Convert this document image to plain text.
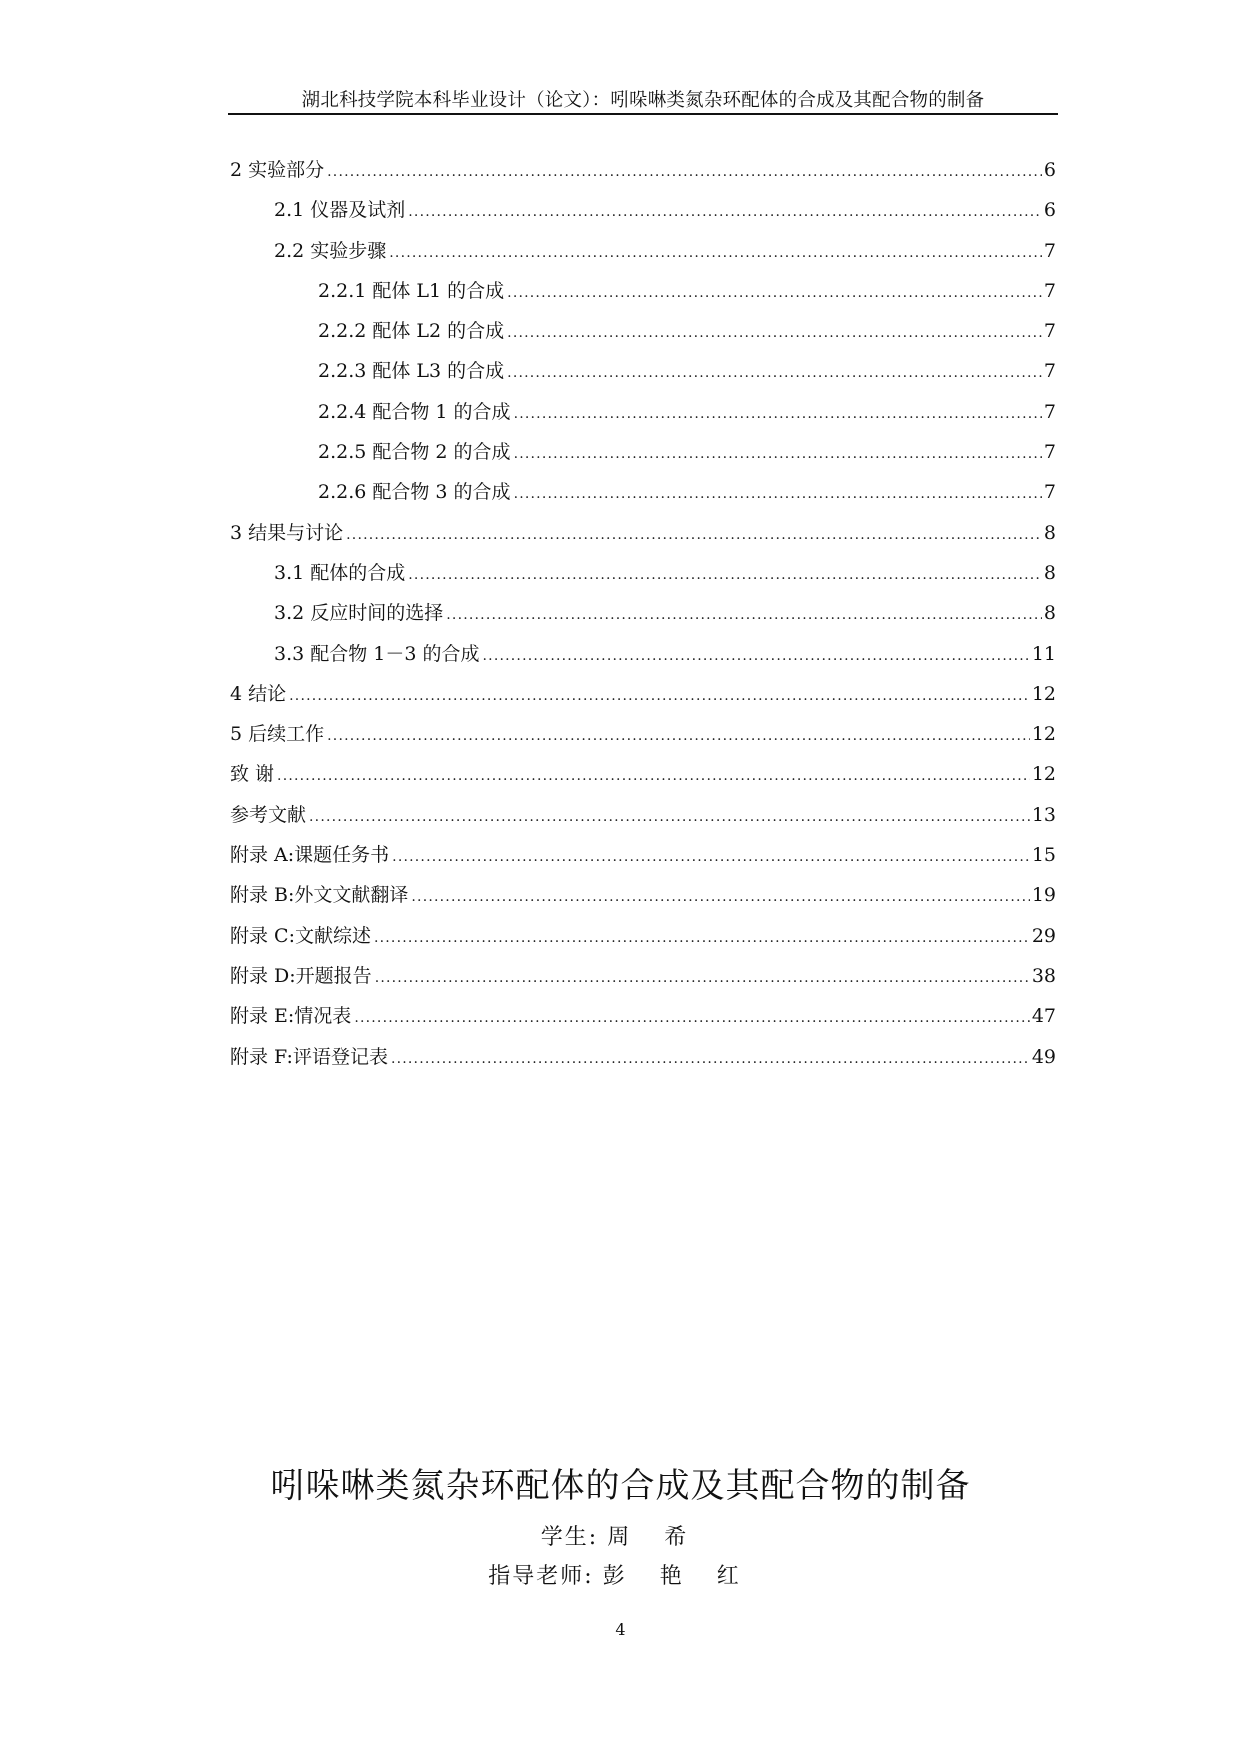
湖北科技学院本科毕业设计（论文）：吲哚啉类氮杂环配体的合成及其配合物的制备
2 实验部分 .....	6
2.1 仪器及试剂 .....	6
2.2 实验步骤 .....	7
2.2.1 配体 L1 的合成 .....	7
2.2.2 配体 L2 的合成 .....	7
2.2.3 配体 L3 的合成 .....	7
2.2.4 配合物 1 的合成 .....	7
2.2.5 配合物 2 的合成 .....	7
2.2.6 配合物 3 的合成 .....	7
3 结果与讨论 .....	8
3.1 配体的合成 .....	8
3.2 反应时间的选择 .....	8
3.3 配合物 1－3 的合成 .....	11
4 结论 .....	12
5 后续工作 .....	12
致 谢 .....	12
参考文献 .....	13
附录 A:课题任务书 .....	15
附录 B:外文文献翻译 .....	19
附录 C:文献综述 .....	29
附录 D:开题报告 .....	38
附录 E:情况表 .....	47
附录 F:评语登记表 .....	49
吲哚啉类氮杂环配体的合成及其配合物的制备
学生: 周 希
指导老师: 彭 艳 红
4
